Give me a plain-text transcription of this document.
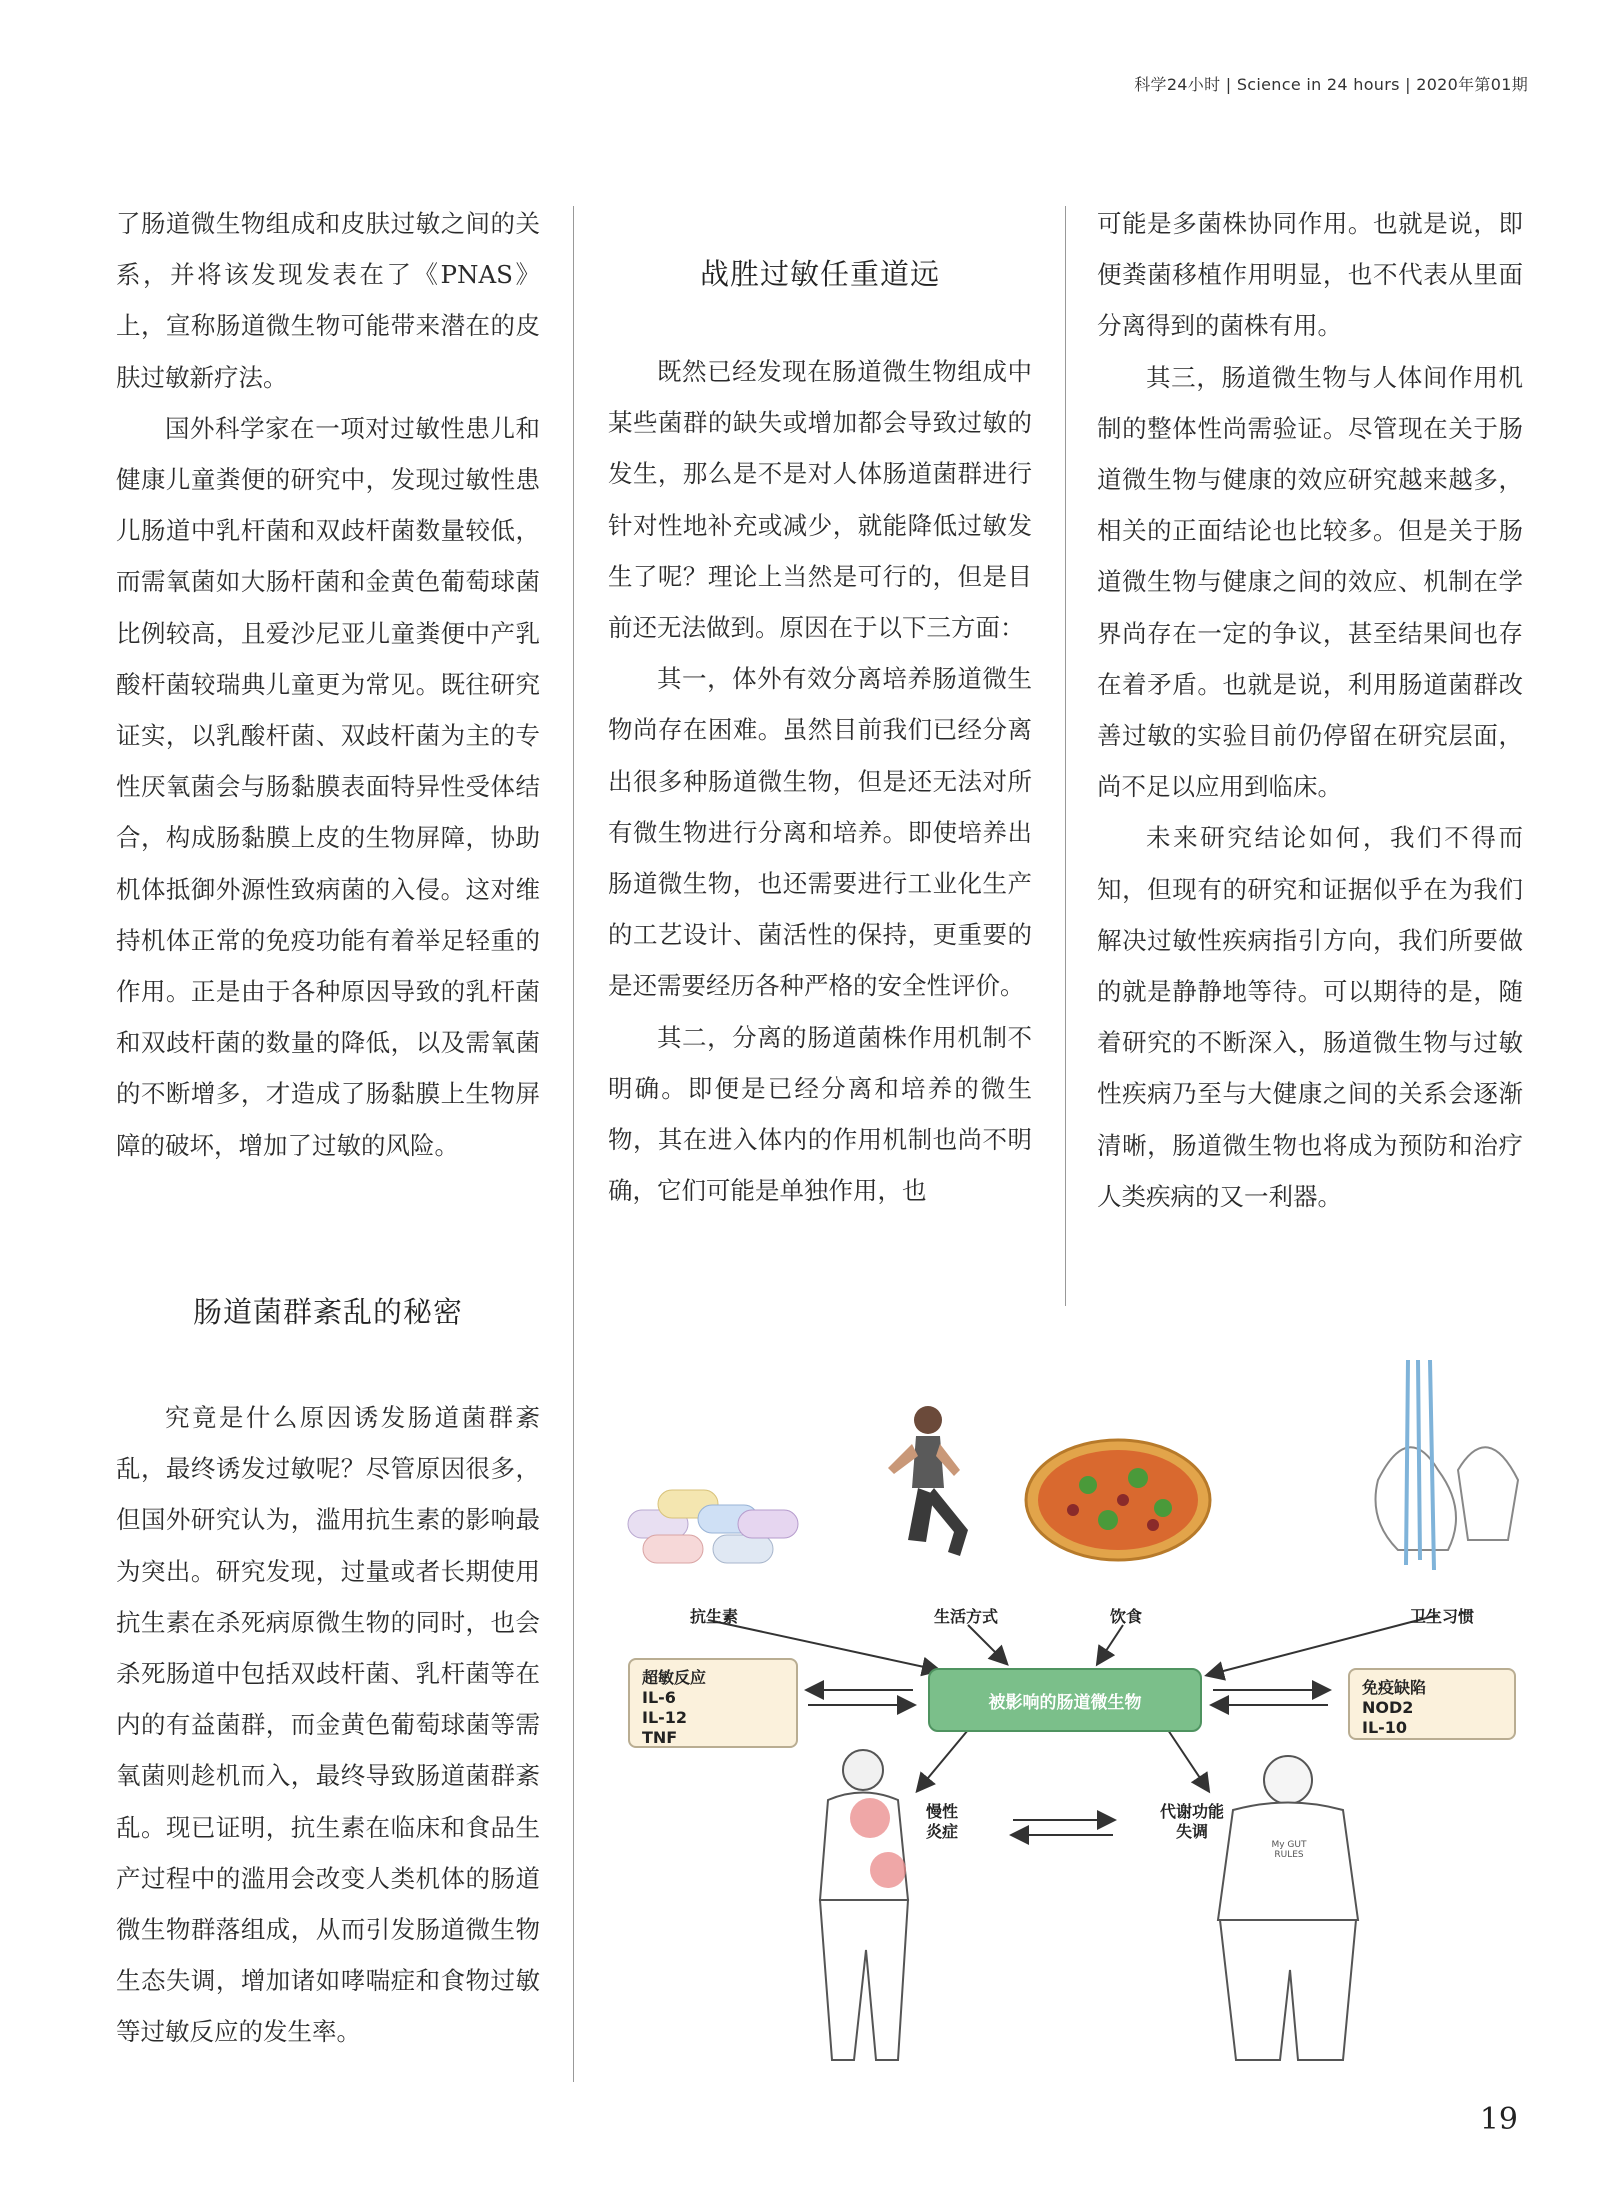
科学24小时 | Science in 24 hours | 2020年第01期

了肠道微生物组成和皮肤过敏之间的关系，并将该发现发表在了《PNAS》上，宣称肠道微生物可能带来潜在的皮肤过敏新疗法。

国外科学家在一项对过敏性患儿和健康儿童粪便的研究中，发现过敏性患儿肠道中乳杆菌和双歧杆菌数量较低，而需氧菌如大肠杆菌和金黄色葡萄球菌比例较高，且爱沙尼亚儿童粪便中产乳酸杆菌较瑞典儿童更为常见。既往研究证实，以乳酸杆菌、双歧杆菌为主的专性厌氧菌会与肠黏膜表面特异性受体结合，构成肠黏膜上皮的生物屏障，协助机体抵御外源性致病菌的入侵。这对维持机体正常的免疫功能有着举足轻重的作用。正是由于各种原因导致的乳杆菌和双歧杆菌的数量的降低，以及需氧菌的不断增多，才造成了肠黏膜上生物屏障的破坏，增加了过敏的风险。

肠道菌群紊乱的秘密

究竟是什么原因诱发肠道菌群紊乱，最终诱发过敏呢？尽管原因很多，但国外研究认为，滥用抗生素的影响最为突出。研究发现，过量或者长期使用抗生素在杀死病原微生物的同时，也会杀死肠道中包括双歧杆菌、乳杆菌等在内的有益菌群，而金黄色葡萄球菌等需氧菌则趁机而入，最终导致肠道菌群紊乱。现已证明，抗生素在临床和食品生产过程中的滥用会改变人类机体的肠道微生物群落组成，从而引发肠道微生物生态失调，增加诸如哮喘症和食物过敏等过敏反应的发生率。

战胜过敏任重道远

既然已经发现在肠道微生物组成中某些菌群的缺失或增加都会导致过敏的发生，那么是不是对人体肠道菌群进行针对性地补充或减少，就能降低过敏发生了呢？理论上当然是可行的，但是目前还无法做到。原因在于以下三方面：

其一，体外有效分离培养肠道微生物尚存在困难。虽然目前我们已经分离出很多种肠道微生物，但是还无法对所有微生物进行分离和培养。即使培养出肠道微生物，也还需要进行工业化生产的工艺设计、菌活性的保持，更重要的是还需要经历各种严格的安全性评价。

其二，分离的肠道菌株作用机制不明确。即便是已经分离和培养的微生物，其在进入体内的作用机制也尚不明确，它们可能是单独作用，也

可能是多菌株协同作用。也就是说，即便粪菌移植作用明显，也不代表从里面分离得到的菌株有用。

其三，肠道微生物与人体间作用机制的整体性尚需验证。尽管现在关于肠道微生物与健康的效应研究越来越多，相关的正面结论也比较多。但是关于肠道微生物与健康之间的效应、机制在学界尚存在一定的争议，甚至结果间也存在着矛盾。也就是说，利用肠道菌群改善过敏的实验目前仍停留在研究层面，尚不足以应用到临床。

未来研究结论如何，我们不得而知，但现有的研究和证据似乎在为我们解决过敏性疾病指引方向，我们所要做的就是静静地等待。可以期待的是，随着研究的不断深入，肠道微生物与过敏性疾病乃至与大健康之间的关系会逐渐清晰，肠道微生物也将成为预防和治疗人类疾病的又一利器。

抗生素	生活方式	饮食	卫生习惯
被影响的肠道微生物
超敏反应
IL-6
IL-12
TNF
免疫缺陷
NOD2
IL-10
慢性
炎症
代谢功能
失调
My GUT RULES
19
